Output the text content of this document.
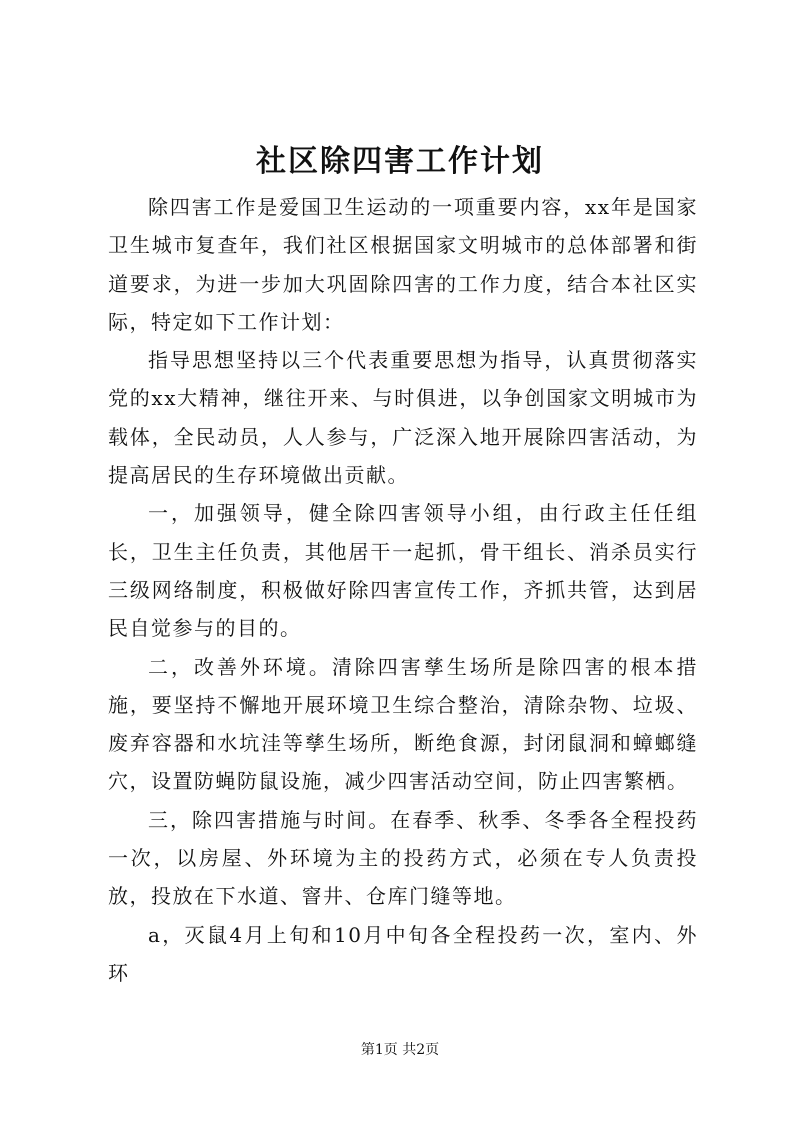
社区除四害工作计划

除四害工作是爱国卫生运动的一项重要内容，xx年是国家卫生城市复查年，我们社区根据国家文明城市的总体部署和街道要求，为进一步加大巩固除四害的工作力度，结合本社区实际，特定如下工作计划：

指导思想坚持以三个代表重要思想为指导，认真贯彻落实党的xx大精神，继往开来、与时俱进，以争创国家文明城市为载体，全民动员，人人参与，广泛深入地开展除四害活动，为提高居民的生存环境做出贡献。

一，加强领导，健全除四害领导小组，由行政主任任组长，卫生主任负责，其他居干一起抓，骨干组长、消杀员实行三级网络制度，积极做好除四害宣传工作，齐抓共管，达到居民自觉参与的目的。

二，改善外环境。清除四害孳生场所是除四害的根本措施，要坚持不懈地开展环境卫生综合整治，清除杂物、垃圾、废弃容器和水坑洼等孳生场所，断绝食源，封闭鼠洞和蟑螂缝穴，设置防蝇防鼠设施，减少四害活动空间，防止四害繁栖。

三，除四害措施与时间。在春季、秋季、冬季各全程投药一次，以房屋、外环境为主的投药方式，必须在专人负责投放，投放在下水道、窨井、仓库门缝等地。

a，灭鼠4月上旬和10月中旬各全程投药一次，室内、外环

第1页 共2页
